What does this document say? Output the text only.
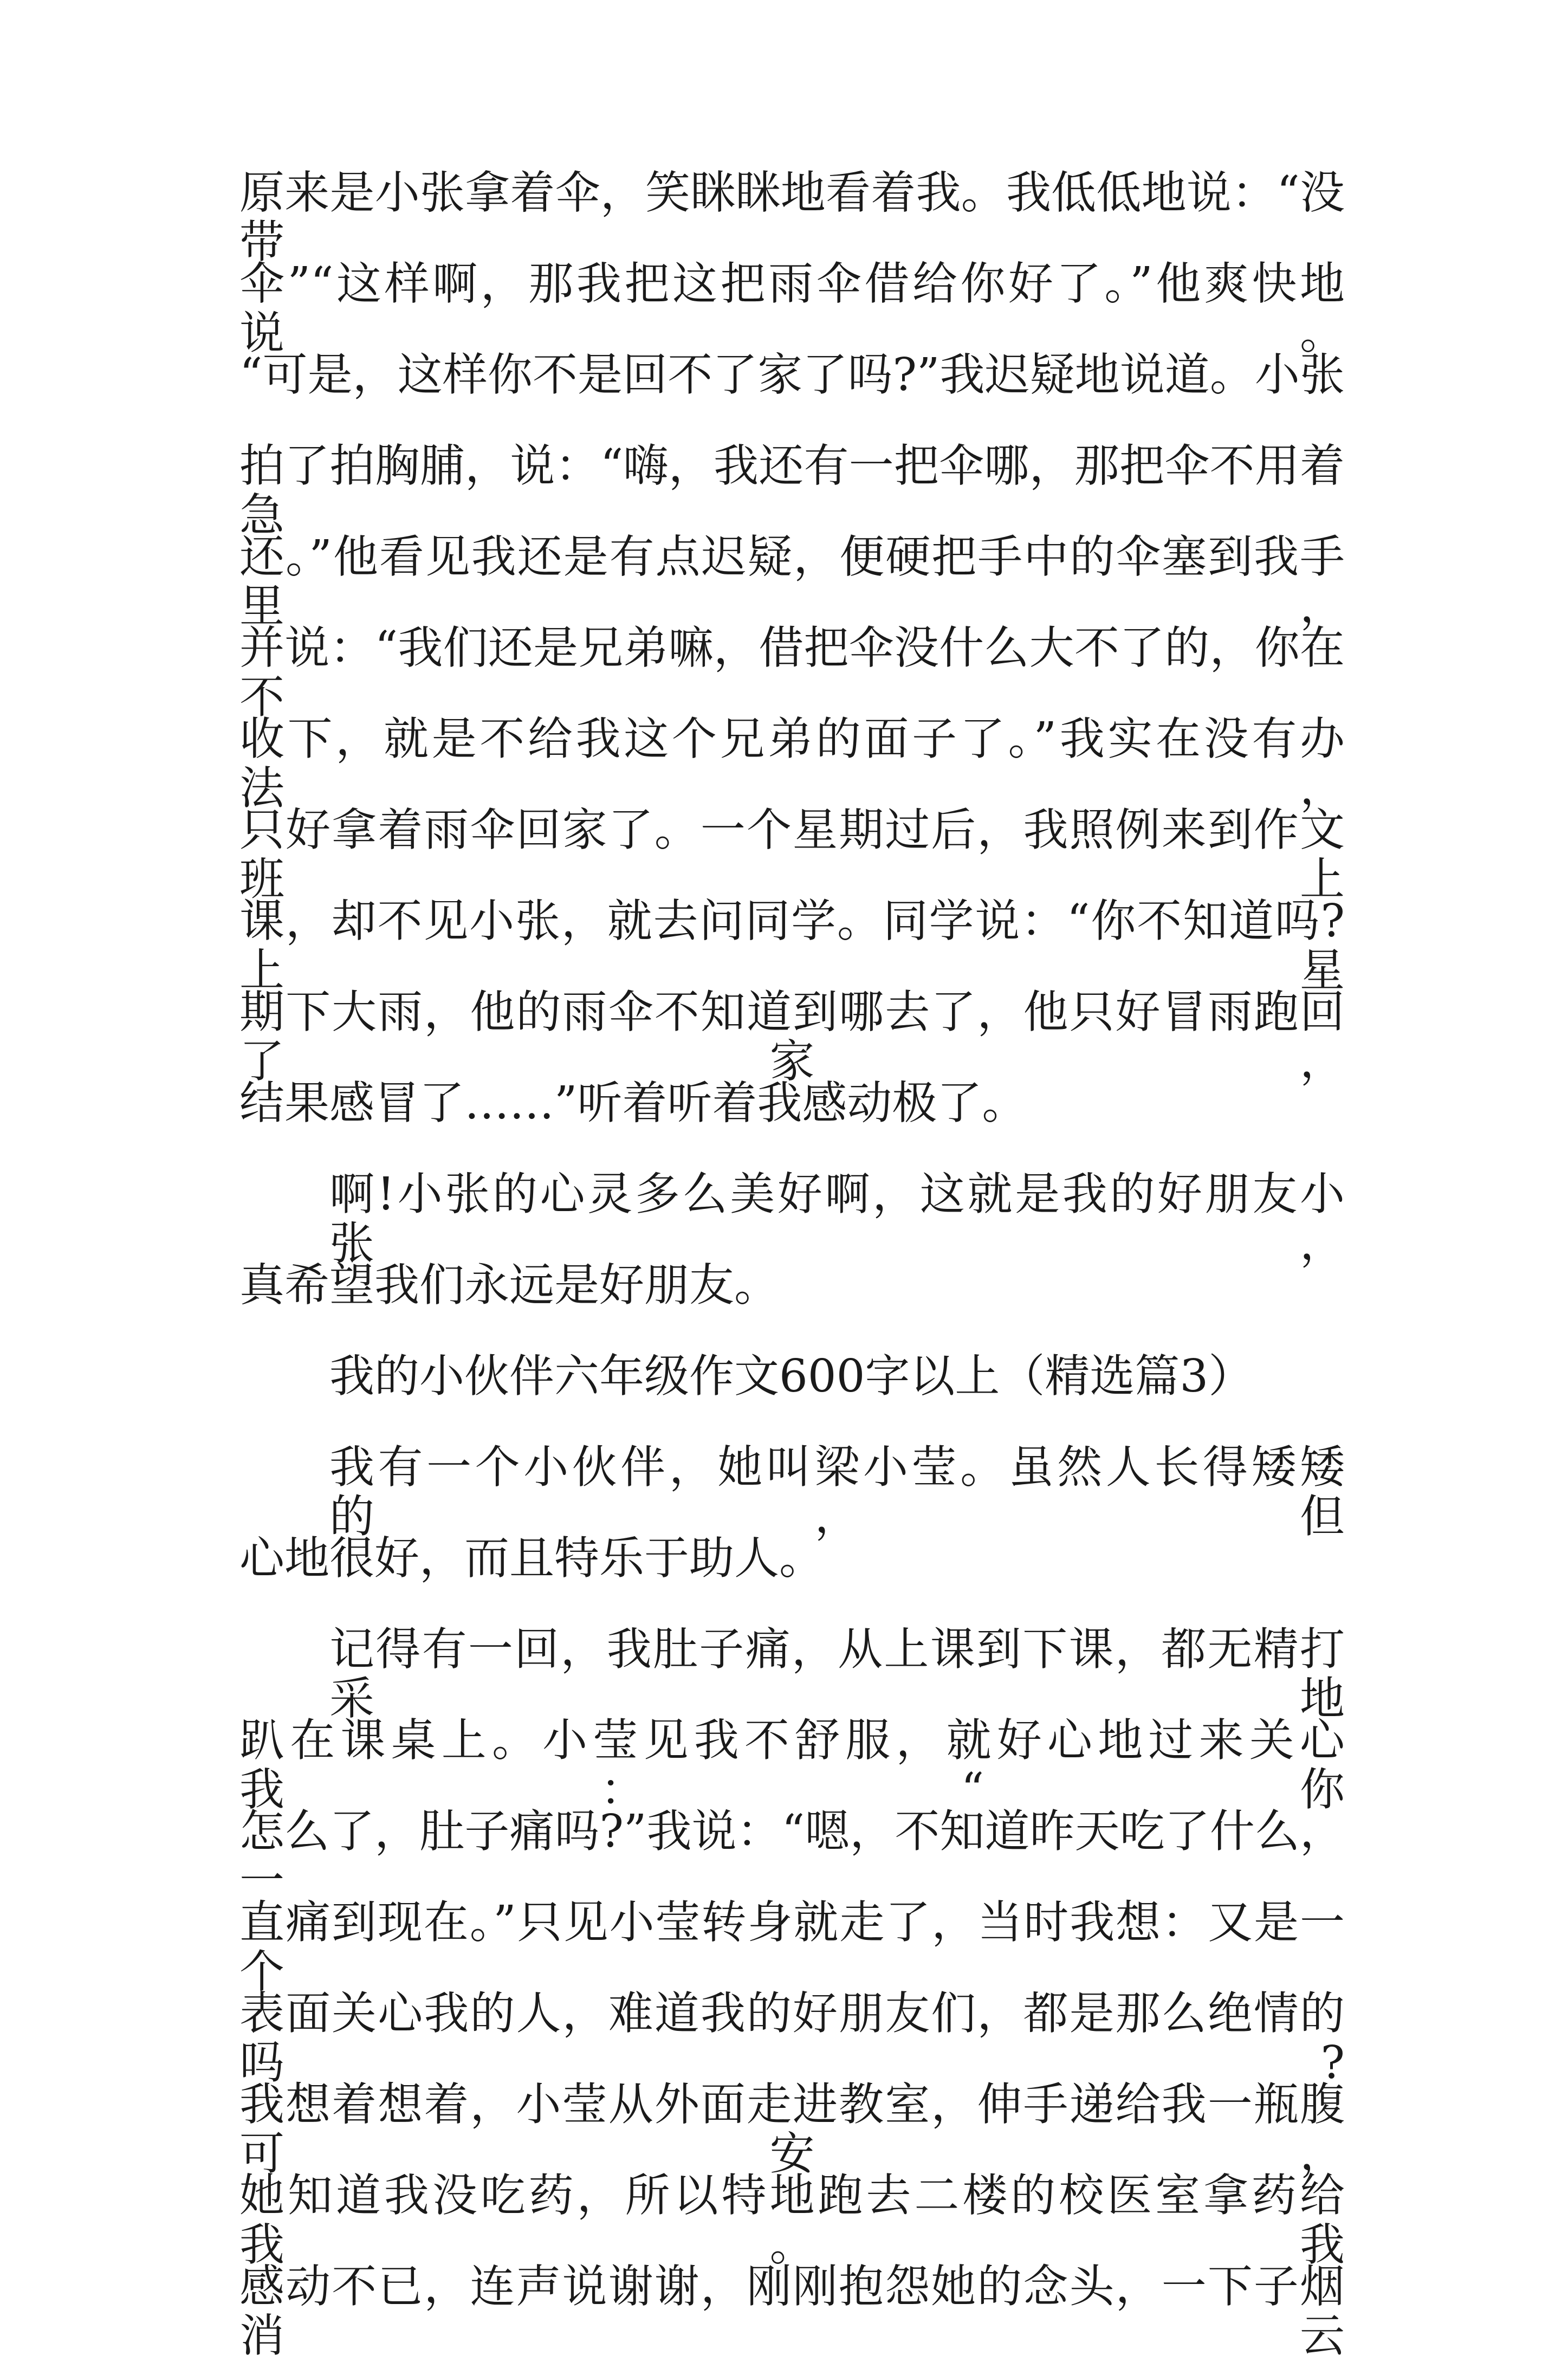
原来是小张拿着伞，笑眯眯地看着我。我低低地说：“没带

伞”“这样啊，那我把这把雨伞借给你好了。”他爽快地说。

“可是，这样你不是回不了家了吗?”我迟疑地说道。小张

拍了拍胸脯，说：“嗨，我还有一把伞哪，那把伞不用着急

还。”他看见我还是有点迟疑，便硬把手中的伞塞到我手里，

并说：“我们还是兄弟嘛，借把伞没什么大不了的，你在不

收下，就是不给我这个兄弟的面子了。”我实在没有办法，

只好拿着雨伞回家了。一个星期过后，我照例来到作文班上

课，却不见小张，就去问同学。同学说：“你不知道吗?上星

期下大雨，他的雨伞不知道到哪去了，他只好冒雨跑回了家，

结果感冒了……”听着听着我感动极了。

啊!小张的心灵多么美好啊，这就是我的好朋友小张，

真希望我们永远是好朋友。

我的小伙伴六年级作文600字以上（精选篇3）

我有一个小伙伴，她叫梁小莹。虽然人长得矮矮的，但

心地很好，而且特乐于助人。

记得有一回，我肚子痛，从上课到下课，都无精打采地

趴在课桌上。小莹见我不舒服，就好心地过来关心我：“你

怎么了，肚子痛吗?”我说：“嗯，不知道昨天吃了什么，一

直痛到现在。”只见小莹转身就走了，当时我想：又是一个

表面关心我的人，难道我的好朋友们，都是那么绝情的吗?

我想着想着，小莹从外面走进教室，伸手递给我一瓶腹可安，

她知道我没吃药，所以特地跑去二楼的校医室拿药给我。我

感动不已，连声说谢谢，刚刚抱怨她的念头，一下子烟消云
